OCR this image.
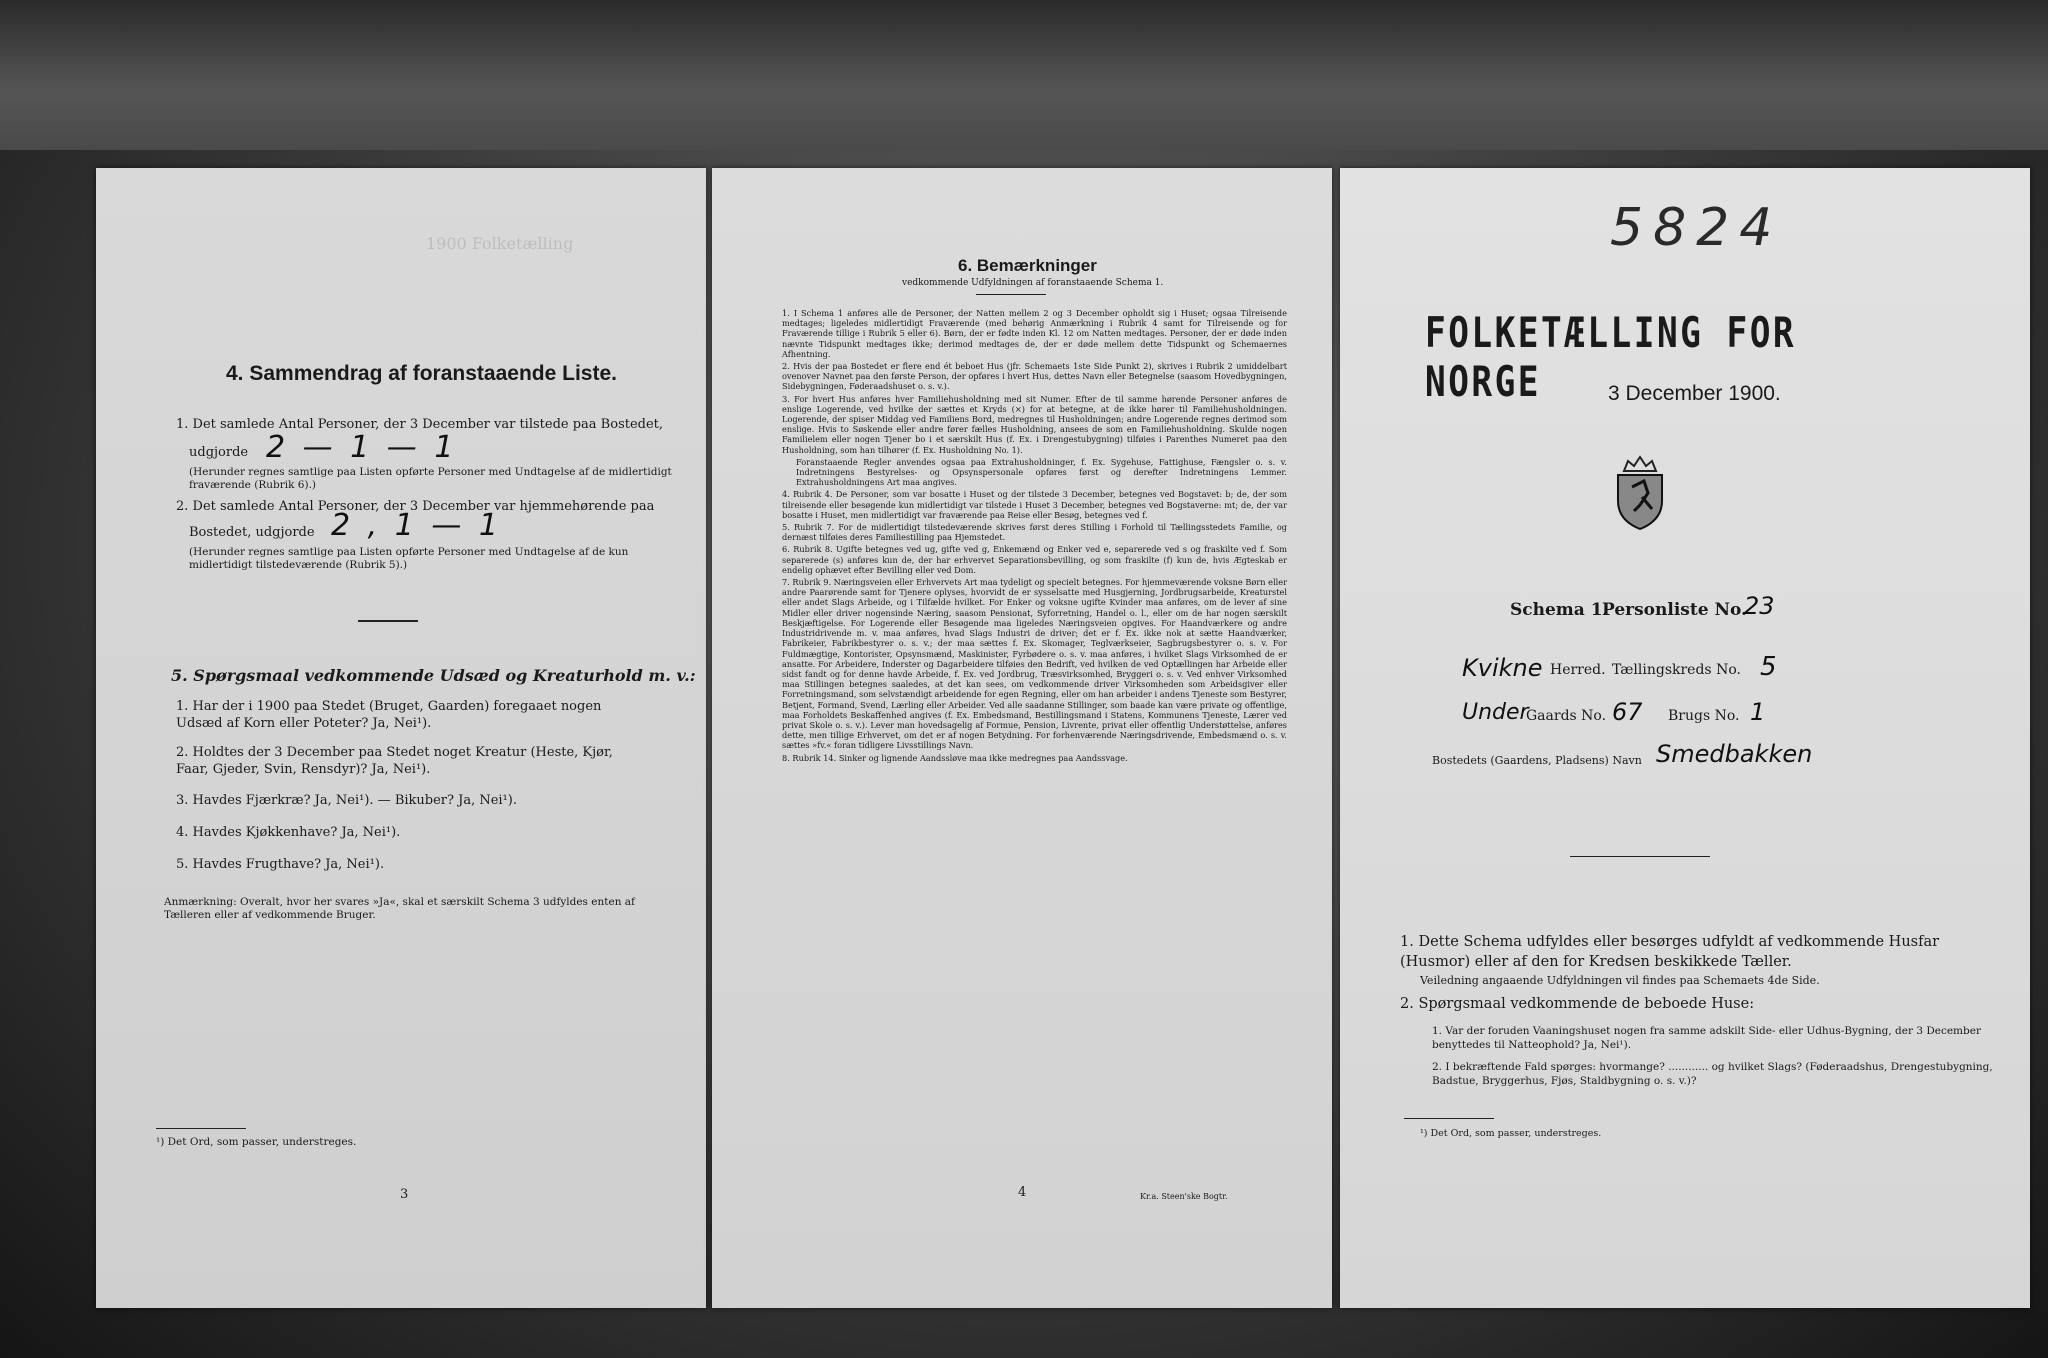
1900 Folketælling
4. Sammendrag af foranstaaende Liste.
1. Det samlede Antal Personer, der 3 December var tilstede paa Bostedet,
udgjorde 2 — 1 — 1
(Herunder regnes samtlige paa Listen opførte Personer med Undtagelse af de midlertidigt fraværende (Rubrik 6).)
2. Det samlede Antal Personer, der 3 December var hjemmehørende paa
Bostedet, udgjorde 2 , 1 — 1
(Herunder regnes samtlige paa Listen opførte Personer med Undtagelse af de kun midlertidigt tilstedeværende (Rubrik 5).)
5. Spørgsmaal vedkommende Udsæd og Kreaturhold m. v.:
1. Har der i 1900 paa Stedet (Bruget, Gaarden) foregaaet nogen Udsæd af Korn eller Poteter? Ja, Nei¹).
2. Holdtes der 3 December paa Stedet noget Kreatur (Heste, Kjør, Faar, Gjeder, Svin, Rensdyr)? Ja, Nei¹).
3. Havdes Fjærkræ? Ja, Nei¹). — Bikuber? Ja, Nei¹).
4. Havdes Kjøkkenhave? Ja, Nei¹).
5. Havdes Frugthave? Ja, Nei¹).
Anmærkning: Overalt, hvor her svares »Ja«, skal et særskilt Schema 3 udfyldes enten af Tælleren eller af vedkommende Bruger.
¹) Det Ord, som passer, understreges.
3
6. Bemærkninger
vedkommende Udfyldningen af foranstaaende Schema 1.

1. I Schema 1 anføres alle de Personer, der Natten mellem 2 og 3 December opholdt sig i Huset; ogsaa Tilreisende medtages; ligeledes midlertidigt Fraværende (med behørig Anmærkning i Rubrik 4 samt for Tilreisende og for Fraværende tillige i Rubrik 5 eller 6). Børn, der er fødte inden Kl. 12 om Natten medtages. Personer, der er døde inden nævnte Tidspunkt medtages ikke; derimod medtages de, der er døde mellem dette Tidspunkt og Schemaernes Afhentning.

2. Hvis der paa Bostedet er flere end ét beboet Hus (jfr. Schemaets 1ste Side Punkt 2), skrives i Rubrik 2 umiddelbart ovenover Navnet paa den første Person, der opføres i hvert Hus, dettes Navn eller Betegnelse (saasom Hovedbygningen, Sidebygningen, Føderaadshuset o. s. v.).

3. For hvert Hus anføres hver Familiehusholdning med sit Numer. Efter de til samme hørende Personer anføres de enslige Logerende, ved hvilke der sættes et Kryds (×) for at betegne, at de ikke hører til Familiehusholdningen. Logerende, der spiser Middag ved Familiens Bord, medregnes til Husholdningen; andre Logerende regnes derimod som enslige. Hvis to Søskende eller andre fører fælles Husholdning, ansees de som en Familiehusholdning. Skulde nogen Familielem eller nogen Tjener bo i et særskilt Hus (f. Ex. i Drengestubygning) tilføies i Parenthes Numeret paa den Husholdning, som han tilhører (f. Ex. Husholdning No. 1).

Foranstaaende Regler anvendes ogsaa paa Extrahusholdninger, f. Ex. Sygehuse, Fattighuse, Fængsler o. s. v. Indretningens Bestyrelses- og Opsynspersonale opføres først og derefter Indretningens Lemmer. Extrahusholdningens Art maa angives.

4. Rubrik 4. De Personer, som var bosatte i Huset og der tilstede 3 December, betegnes ved Bogstavet: b; de, der som tilreisende eller besøgende kun midlertidigt var tilstede i Huset 3 December, betegnes ved Bogstaverne: mt; de, der var bosatte i Huset, men midlertidigt var fraværende paa Reise eller Besøg, betegnes ved f.

5. Rubrik 7. For de midlertidigt tilstedeværende skrives først deres Stilling i Forhold til Tællingsstedets Familie, og dernæst tilføies deres Familiestilling paa Hjemstedet.

6. Rubrik 8. Ugifte betegnes ved ug, gifte ved g, Enkemænd og Enker ved e, separerede ved s og fraskilte ved f. Som separerede (s) anføres kun de, der har erhvervet Separationsbevilling, og som fraskilte (f) kun de, hvis Ægteskab er endelig ophævet efter Bevilling eller ved Dom.

7. Rubrik 9. Næringsveien eller Erhvervets Art maa tydeligt og specielt betegnes. For hjemmeværende voksne Børn eller andre Paarørende samt for Tjenere oplyses, hvorvidt de er sysselsatte med Husgjerning, Jordbrugsarbeide, Kreaturstel eller andet Slags Arbeide, og i Tilfælde hvilket. For Enker og voksne ugifte Kvinder maa anføres, om de lever af sine Midler eller driver nogensinde Næring, saasom Pensionat, Syforretning, Handel o. l., eller om de har nogen særskilt Beskjæftigelse. For Logerende eller Besøgende maa ligeledes Næringsveien opgives. For Haandværkere og andre Industridrivende m. v. maa anføres, hvad Slags Industri de driver; det er f. Ex. ikke nok at sætte Haandværker, Fabrikeier, Fabrikbestyrer o. s. v.; der maa sættes f. Ex. Skomager, Teglværkseier, Sagbrugsbestyrer o. s. v. For Fuldmægtige, Kontorister, Opsynsmænd, Maskinister, Fyrbødere o. s. v. maa anføres, i hvilket Slags Virksomhed de er ansatte. For Arbeidere, Inderster og Dagarbeidere tilføies den Bedrift, ved hvilken de ved Optællingen har Arbeide eller sidst fandt og for denne havde Arbeide, f. Ex. ved Jordbrug, Træsvirksomhed, Bryggeri o. s. v. Ved enhver Virksomhed maa Stillingen betegnes saaledes, at det kan sees, om vedkommende driver Virksomheden som Arbeidsgiver eller Forretningsmand, som selvstændigt arbeidende for egen Regning, eller om han arbeider i andens Tjeneste som Bestyrer, Betjent, Formand, Svend, Lærling eller Arbeider. Ved alle saadanne Stillinger, som baade kan være private og offentlige, maa Forholdets Beskaffenhed angives (f. Ex. Embedsmand, Bestillingsmand i Statens, Kommunens Tjeneste, Lærer ved privat Skole o. s. v.). Lever man hovedsagelig af Formue, Pension, Livrente, privat eller offentlig Understøttelse, anføres dette, men tillige Erhvervet, om det er af nogen Betydning. For forhenværende Næringsdrivende, Embedsmænd o. s. v. sættes »fv.« foran tidligere Livsstillings Navn.

8. Rubrik 14. Sinker og lignende Aandssløve maa ikke medregnes paa Aandssvage.

4	Kr.a. Steen'ske Bogtr.
5824
FOLKETÆLLING FOR NORGE	3 December 1900.
Schema 1.
Personliste No.
23
Kvikne Herred. Tællingskreds No. 5
Under
Gaards No. 67 Brugs No. 1
Bostedets (Gaardens, Pladsens) Navn Smedbakken
1. Dette Schema udfyldes eller besørges udfyldt af vedkommende Husfar (Husmor) eller af den for Kredsen beskikkede Tæller.
Veiledning angaaende Udfyldningen vil findes paa Schemaets 4de Side.
2. Spørgsmaal vedkommende de beboede Huse:
1. Var der foruden Vaaningshuset nogen fra samme adskilt Side- eller Udhus-Bygning, der 3 December benyttedes til Natteophold? Ja, Nei¹).
2. I bekræftende Fald spørges: hvormange? ............ og hvilket Slags? (Føderaadshus, Drengestubygning, Badstue, Bryggerhus, Fjøs, Staldbygning o. s. v.)?
¹) Det Ord, som passer, understreges.
